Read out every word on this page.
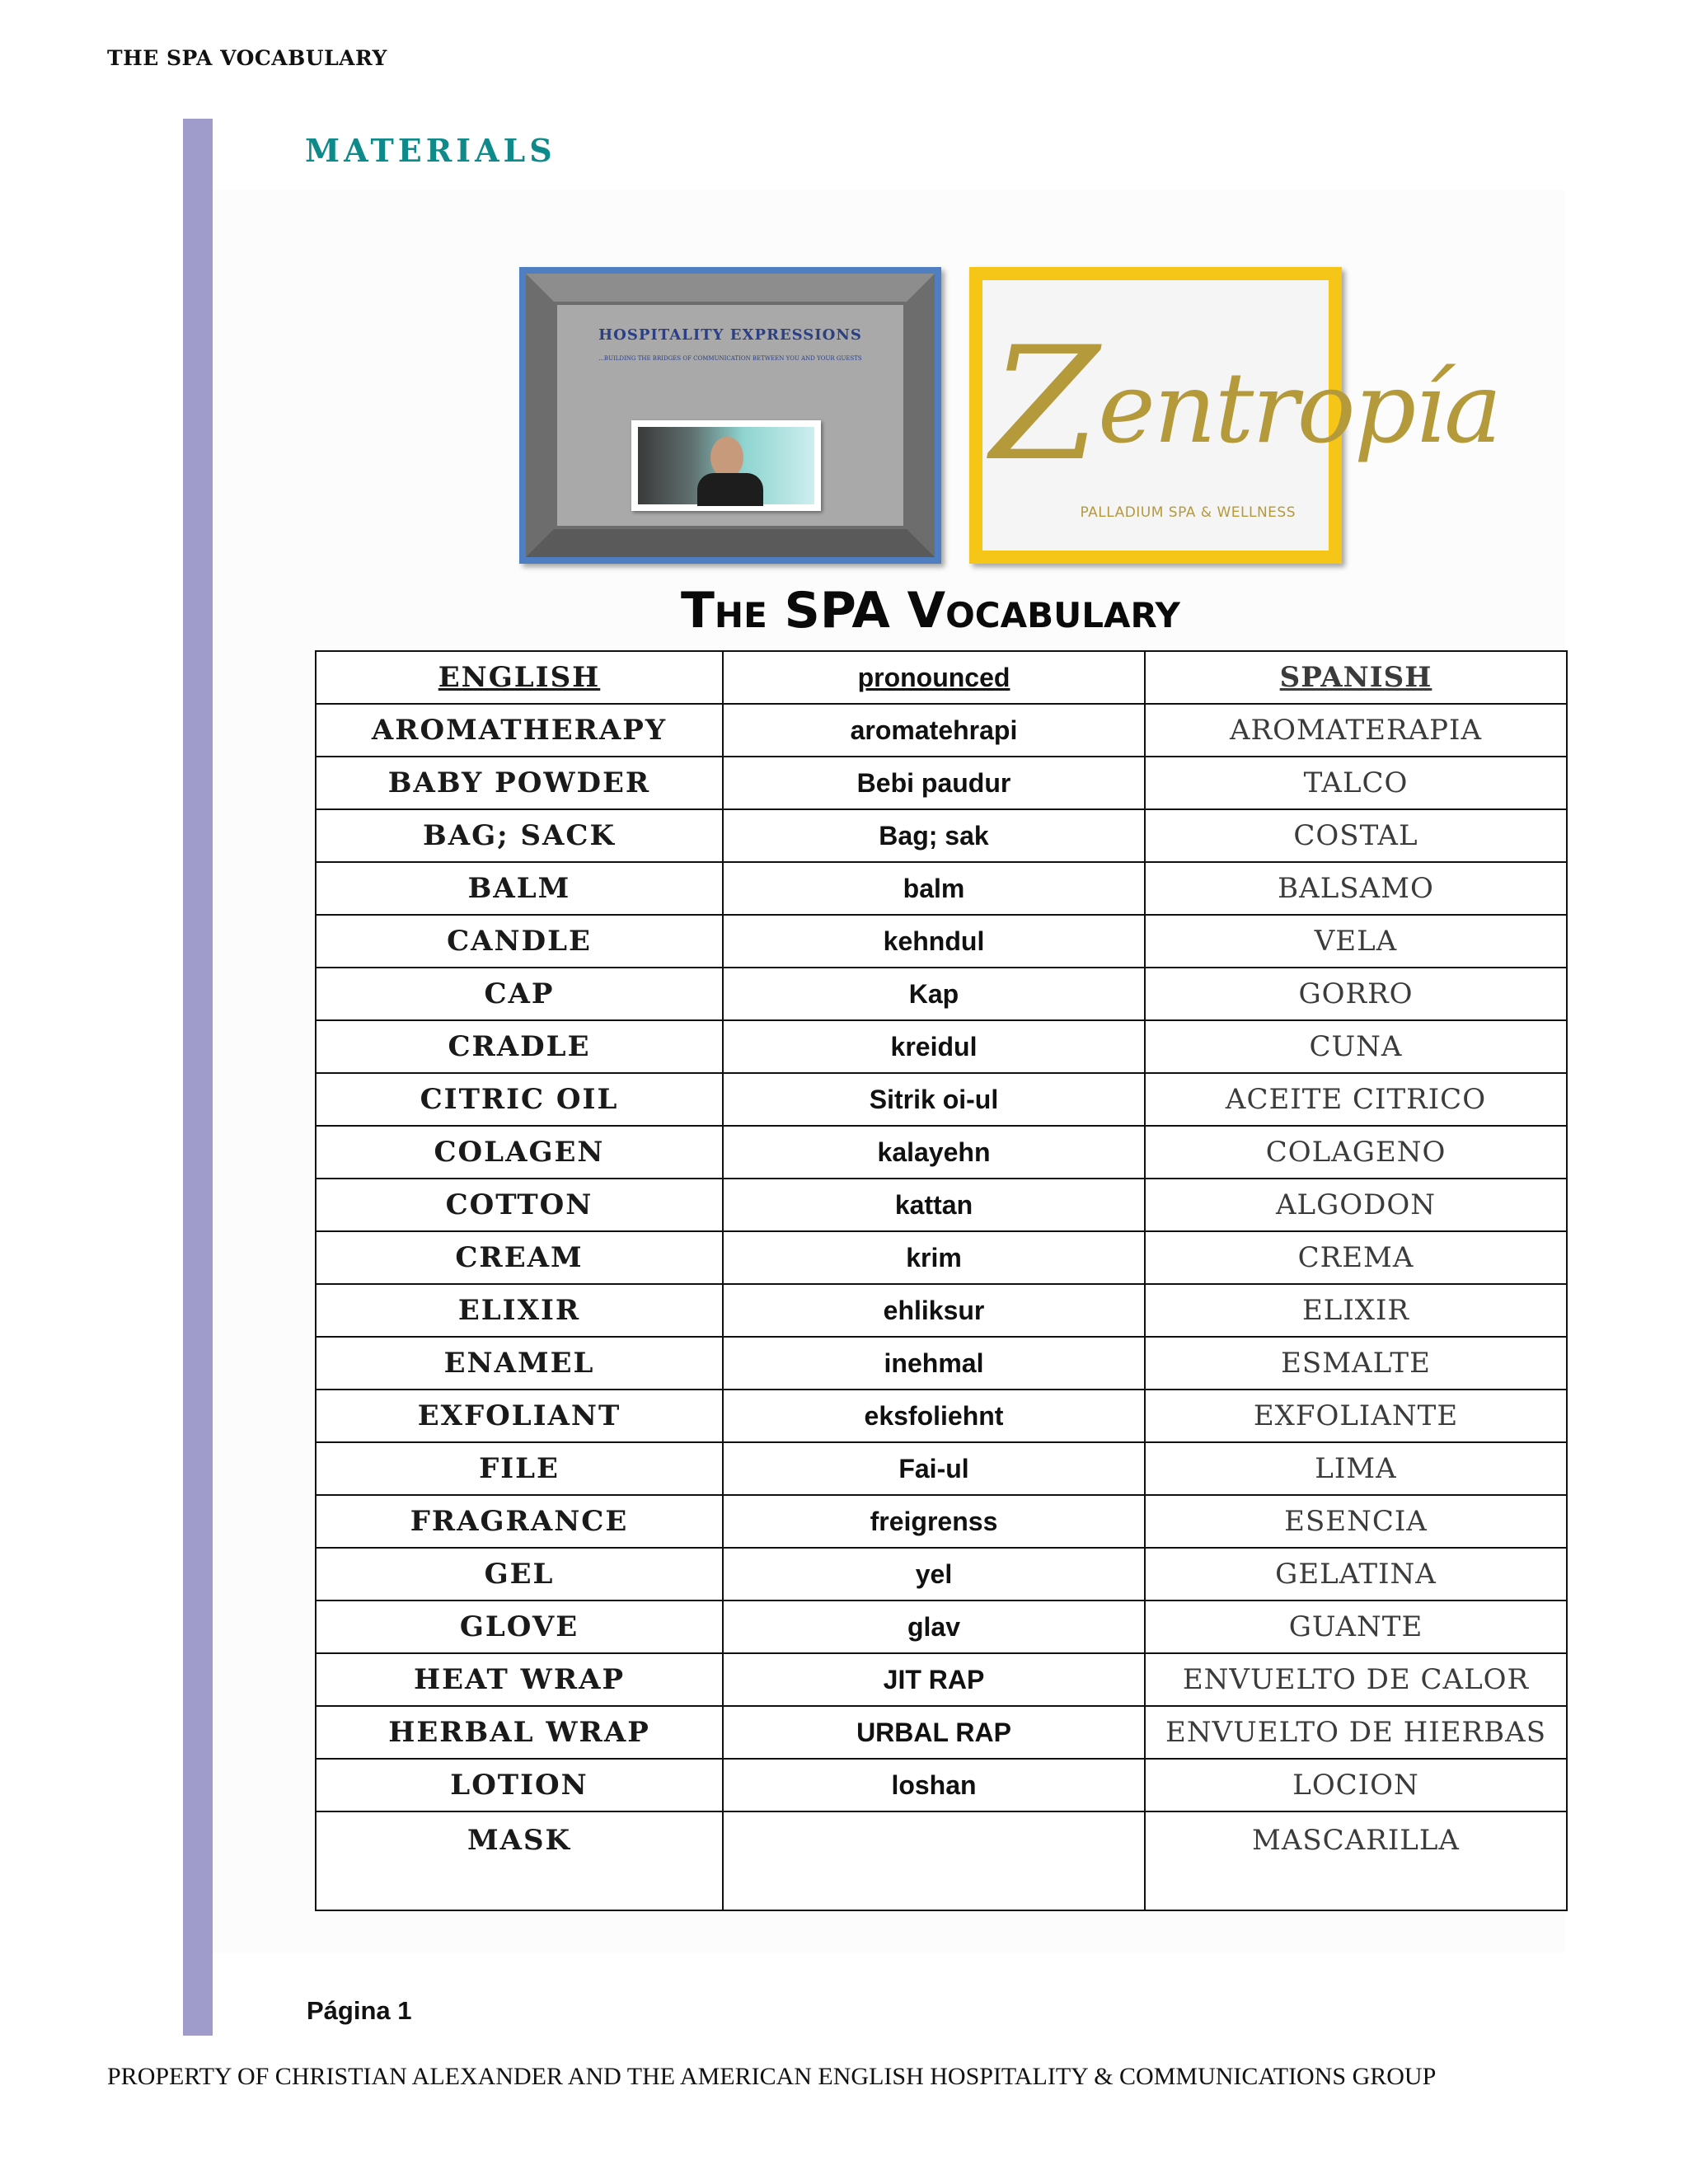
THE SPA VOCABULARY
MATERIALS
HOSPITALITY EXPRESSIONS
...BUILDING THE BRIDGES OF COMMUNICATION BETWEEN YOU AND YOUR GUESTS Zentropía
PALLADIUM SPA & WELLNESS
The SPA Vocabulary
ENGLISH	pronounced	SPANISH
AROMATHERAPY	aromatehrapi	AROMATERAPIA
BABY POWDER	Bebi paudur	TALCO
BAG; SACK	Bag; sak	COSTAL
BALM	balm	BALSAMO
CANDLE	kehndul	VELA
CAP	Kap	GORRO
CRADLE	kreidul	CUNA
CITRIC OIL	Sitrik oi-ul	ACEITE CITRICO
COLAGEN	kalayehn	COLAGENO
COTTON	kattan	ALGODON
CREAM	krim	CREMA
ELIXIR	ehliksur	ELIXIR
ENAMEL	inehmal	ESMALTE
EXFOLIANT	eksfoliehnt	EXFOLIANTE
FILE	Fai-ul	LIMA
FRAGRANCE	freigrenss	ESENCIA
GEL	yel	GELATINA
GLOVE	glav	GUANTE
HEAT WRAP	JIT RAP	ENVUELTO DE CALOR
HERBAL WRAP	URBAL RAP	ENVUELTO DE HIERBAS
LOTION	loshan	LOCION
MASK		MASCARILLA
Página 1
PROPERTY OF CHRISTIAN ALEXANDER AND THE AMERICAN ENGLISH HOSPITALITY & COMMUNICATIONS GROUP
